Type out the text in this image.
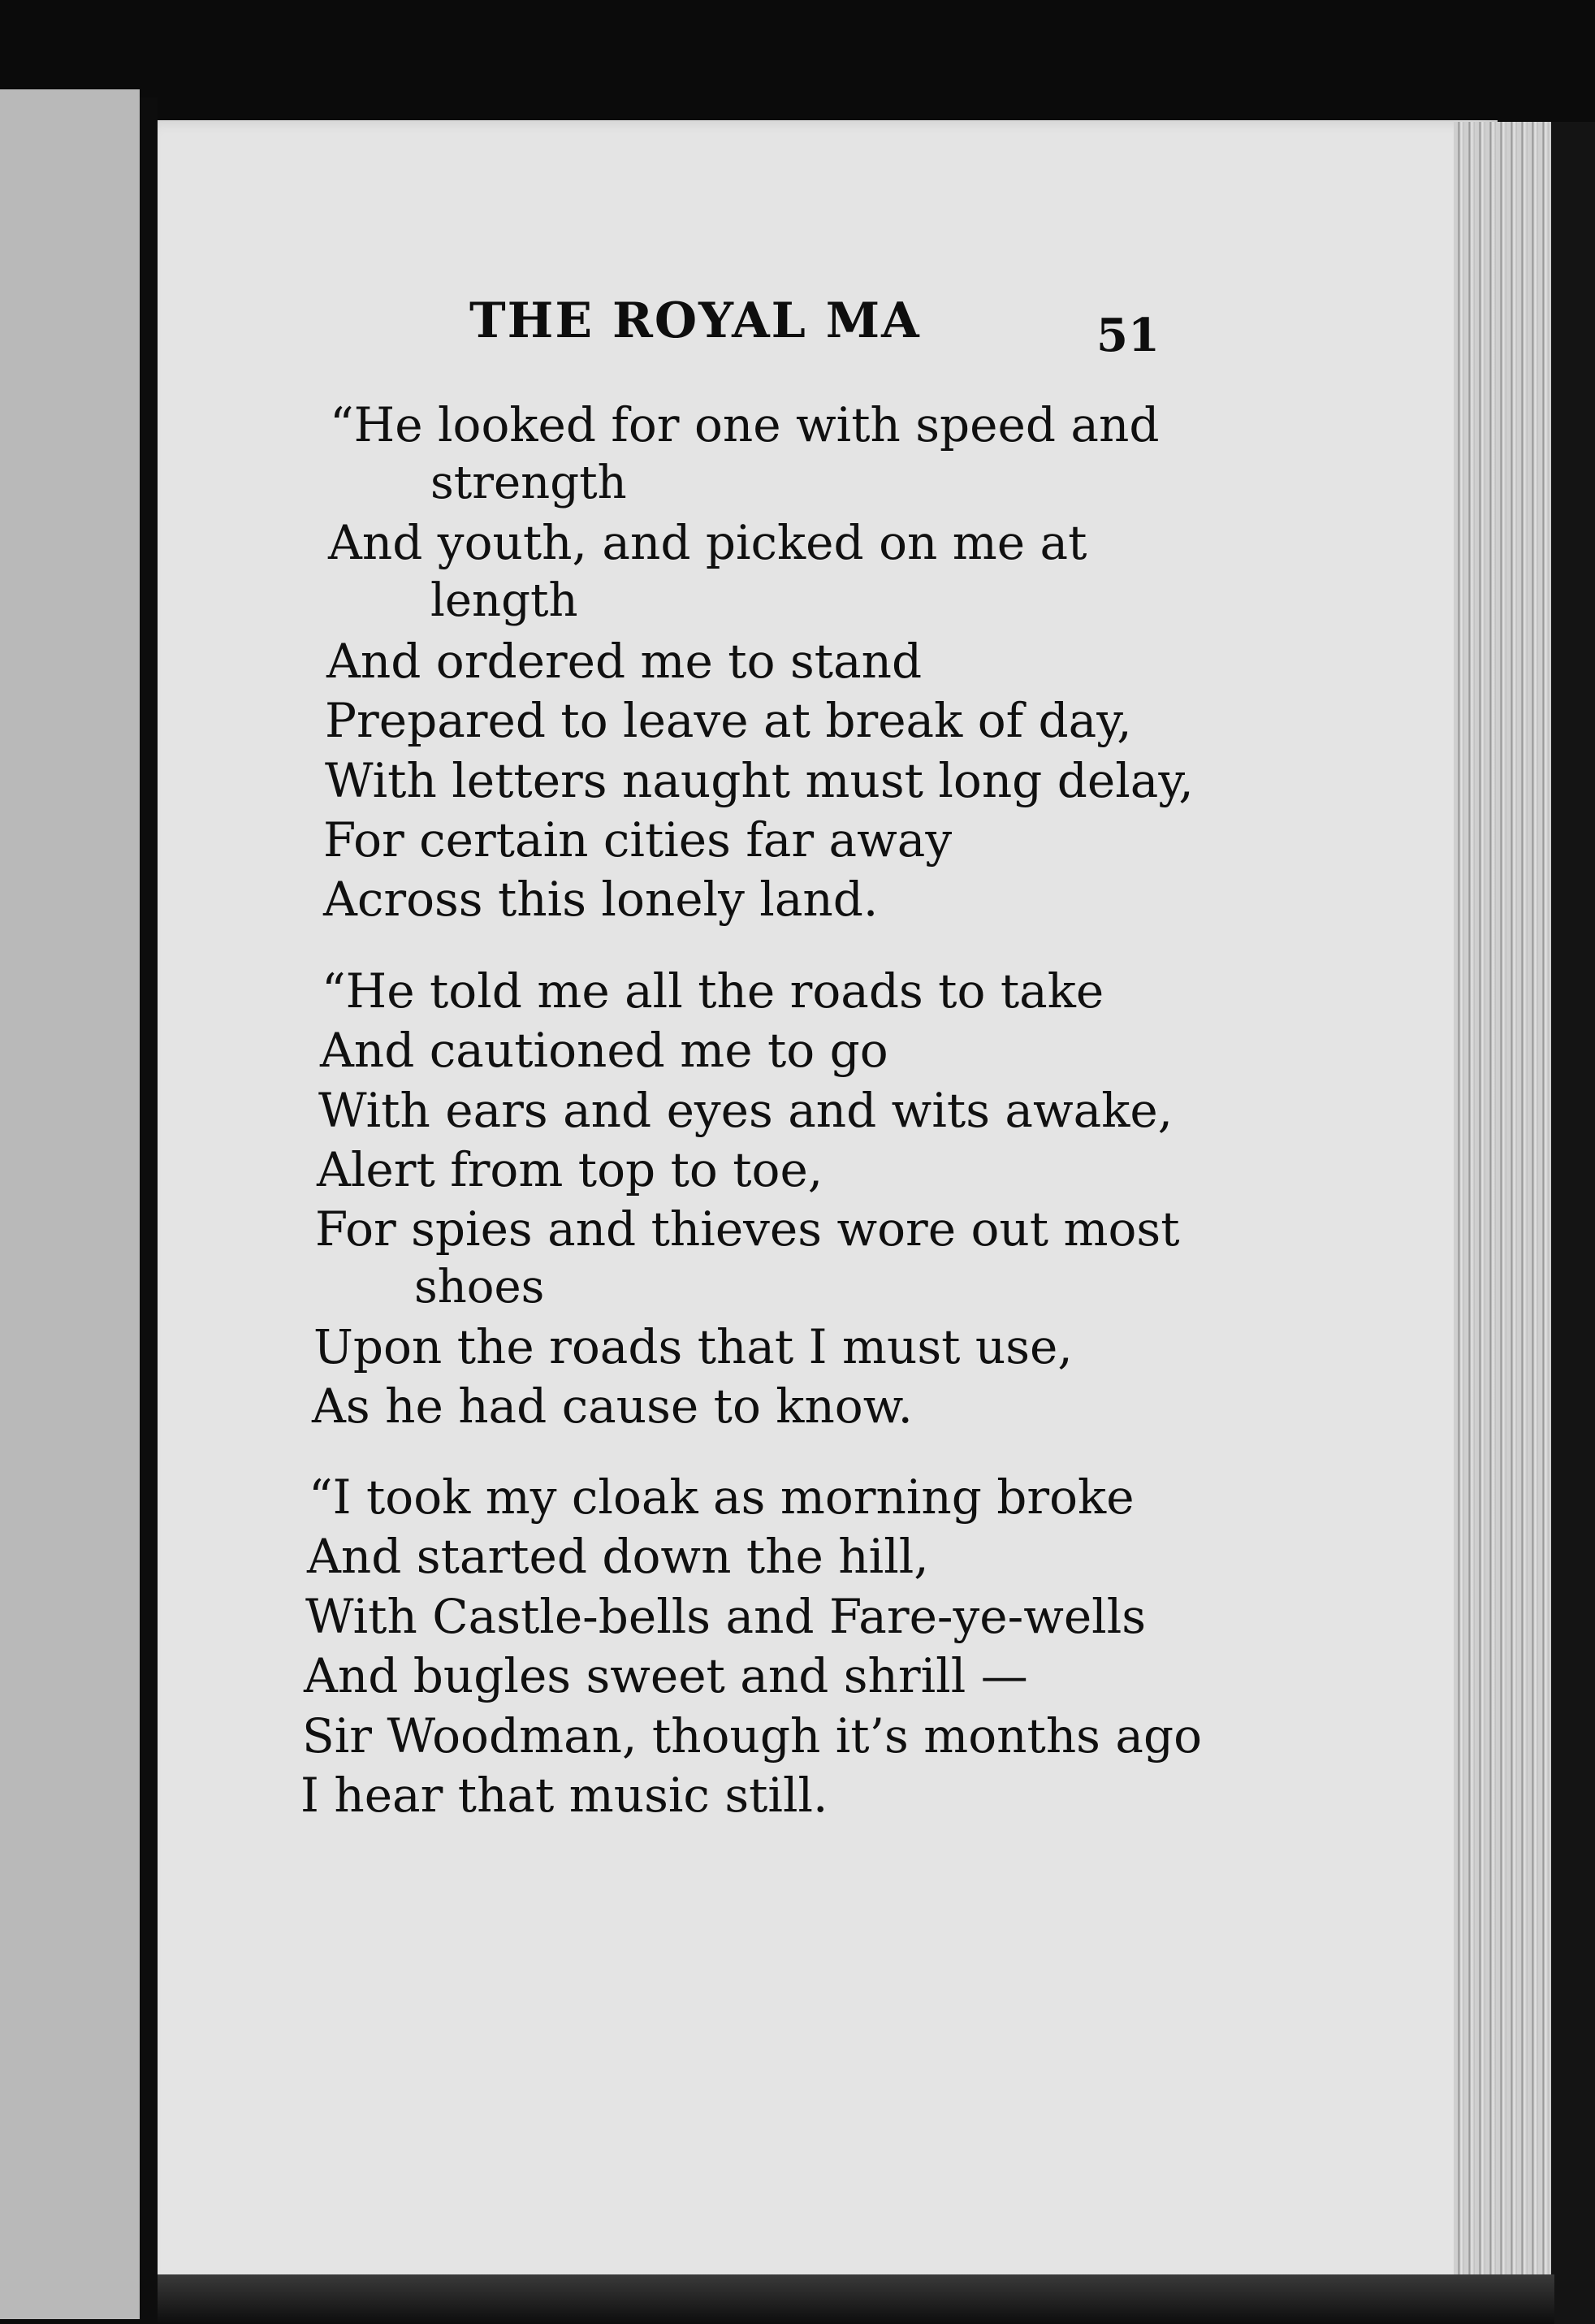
THE ROYAL MA	51

“He looked for one with speed and

strength

And youth, and picked on me at

length

And ordered me to stand

Prepared to leave at break of day,

With letters naught must long delay,

For certain cities far away

Across this lonely land.

“He told me all the roads to take

And cautioned me to go

With ears and eyes and wits awake,

Alert from top to toe,

For spies and thieves wore out most

shoes

Upon the roads that I must use,

As he had cause to know.

“I took my cloak as morning broke

And started down the hill,

With Castle-bells and Fare-ye-wells

And bugles sweet and shrill —

Sir Woodman, though it’s months ago

I hear that music still.
